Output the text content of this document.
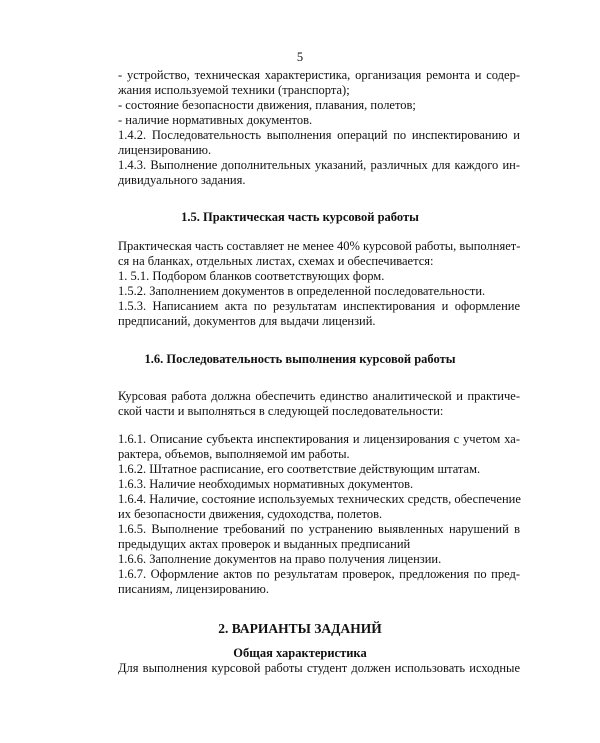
5
- устройство, техническая характеристика, организация ремонта и содер-
жания используемой техники (транспорта);
- состояние безопасности движения, плавания, полетов;
- наличие нормативных документов.
1.4.2. Последовательность выполнения операций по инспектированию и
лицензированию.
1.4.3. Выполнение дополнительных указаний, различных для каждого ин-
дивидуального задания.
1.5. Практическая часть курсовой работы
Практическая часть составляет не менее 40% курсовой работы, выполняет-
ся на бланках, отдельных листах, схемах и обеспечивается:
1. 5.1. Подбором бланков соответствующих форм.
1.5.2. Заполнением документов в определенной последовательности.
1.5.3. Написанием акта по результатам инспектирования и оформление
предписаний, документов для выдачи лицензий.
1.6. Последовательность выполнения курсовой работы
Курсовая работа должна обеспечить единство аналитической и практиче-
ской части и выполняться в следующей последовательности:
1.6.1. Описание субъекта инспектирования и лицензирования с учетом ха-
рактера, объемов, выполняемой им работы.
1.6.2. Штатное расписание, его соответствие действующим штатам.
1.6.3. Наличие необходимых нормативных документов.
1.6.4. Наличие, состояние используемых технических средств, обеспечение
их безопасности движения, судоходства, полетов.
1.6.5. Выполнение требований по устранению выявленных нарушений в
предыдущих актах проверок и выданных предписаний
1.6.6. Заполнение документов на право получения лицензии.
1.6.7. Оформление актов по результатам проверок, предложения по пред-
писаниям, лицензированию.
2. ВАРИАНТЫ ЗАДАНИЙ
Общая характеристика
Для выполнения курсовой работы студент должен использовать исходные
